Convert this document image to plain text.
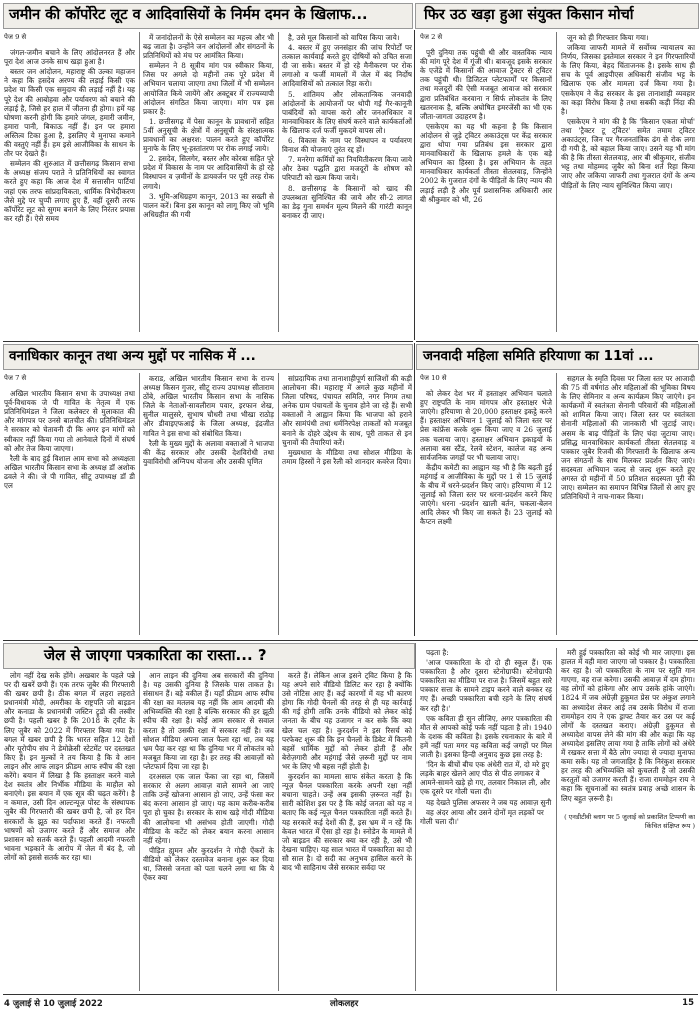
जमीन की कॉर्पोरेट लूट व आदिवासियों के निर्मम दमन के खिलाफ...	फिर उठ खड़ा हुआ संयुक्त किसान मोर्चा
पेज 9 से

जंगल-जमीन बचाने के लिए आंदोलनरत हैं और पूरा देश आज उनके साथ खड़ा हुआ है।

बस्तर जन आंदोलन, महाराष्ट्र की उल्का महाजन ने कहा कि हसदेव अरण्य की लड़ाई किसी एक प्रदेश या किसी एक समुदाय की लड़ाई नहीं है। यह पूरे देश की आबोहवा और पर्यावरण को बचाने की लड़ाई है, जिसे हर हाल में जीतना ही होगा। हमें यह घोषणा करनी होगी कि हमारे जंगल, हमारी जमीन, हमारा पानी, बिकाऊ नहीं हैं। इन पर हमारा अस्तित्व टिका हुआ है, इसलिए ये मुनाफा कमाने की वस्तुएं नहीं हैं। हम इसे आजीविका के साधन के तौर पर देखते हैं।

सम्मेलन की शुरुआत में छत्तीसगढ़ किसान सभा के अध्यक्ष संजय पराते ने प्रतिनिधियों का स्वागत करते हुए कहा कि आज देश में सत्तासीन पार्टियां जहां एक तरफ सांप्रदायिकता, धार्मिक विभेदीकरण जैसे मुद्दे पर चुप्पी लगाए हुए हैं, वहीं दूसरी तरफ कॉर्पोरेट लूट को सुगम बनाने के लिए निरंतर प्रयास कर रही हैं। ऐसे समय

में जनांदोलनों के ऐसे सम्मेलन का महत्त्व और भी बढ़ जाता है। उन्होंने जन आंदोलनों और संगठनों के प्रतिनिधियों को मंच पर आमंत्रित किया।

सम्मेलन ने 8 सूत्रीय मांग पत्र स्वीकार किया, जिस पर अगले दो महीनों तक पूरे प्रदेश में अभियान चलाया जाएगा तथा जिलों में भी सम्मेलन आयोजित किये जायेंगे और अक्टूबर में राज्यव्यापी आंदोलन संगठित किया जाएगा। मांग पत्र इस प्रकार है:

1. छत्तीसगढ़ में पेसा कानून के प्रावधानों सहित 5वीं अनुसूची के क्षेत्रों में अनुसूची के संरक्षात्मक प्रावधानों का अक्षरश: पालन करते हुए कॉर्पोरेट मुनाफे के लिए भू-हस्तांतरण पर रोक लगाई जाये।

2. हसदेव, सिलगेर, बस्तर और कोरबा सहित पूरे प्रदेश में विकास के नाम पर आदिवासियों के हो रहे विस्थापन व ज़मीनों के डायवर्जन पर पूरी तरह रोक लगाये।

3. भूमि-अधिग्रहण कानून, 2013 का सख्ती से पालन करें। बिना इस कानून को लागू किए जो भूमि अधिग्रहीत की गयी

है, उसे मूल किसानों को वापिस किया जाये।

4. बस्तर में हुए जनसंहार की जांच रिपोर्टों पर तत्काल कार्यवाई करते हुए दोषियों को उचित सजा दी जा सके। बस्तर में हो रहे मैनीकरण पर रोक लगाओ व फर्जी मामलों में जेल में बंद निर्दोष आदिवासियों को तत्काल रिहा करो।

5. शांतिमय और लोकतान्त्रिक जनवादी आंदोलनों के आयोजनों पर थोपी गई गैर-कानूनी पाबंदियों को वापस करो और जनअधिकार व मानवाधिकार के लिए संघर्ष करने वाले कार्यकर्ताओं के खिलाफ दर्ज फर्जी मुकदमे वापस लो।

6. विकास के नाम पर विस्थापन व पर्यावरण विनाश की योजनाएं तुरंत रद्द हों।

7. मनरेगा कर्मियों का नियमितीकरण किया जाये और ठेका पद्धति द्वारा मजदूरों के शोषण को परिपाटी को खत्म किया जाये।

8. छत्तीसगढ़ के किसानों को खाद की उपलब्धता सुनिश्चित की जाये और सी-2 लागत का डेढ़ गुना समर्थन मूल्य मिलने की गारंटी कानून बनाकर दी जाए।

पेज 2 से

पूरी दुनिया तक पहुंची थी और वास्तविक न्याय की मांग पूरे देश में गूंजी थी। बावजूद इसके सरकार के एजेंडे में किसानों की आवाज ट्रैक्टर से ट्विटर तक पहुंची थी। डिजिटल प्लेटफार्मों पर किसानों तथा मजदूरों की ऐसी मजबूत आवाज को सरकार द्वारा प्रतिबंधित करवाना न सिर्फ लोकतंत्र के लिए खतरनाक है, बल्कि अघोषित इमरजेंसी का भी एक जीता-जागता उदाहरण है।

एसकेएम का यह भी कहना है कि किसान आंदोलन से जुड़े ट्विटर अकाउंट्स पर केंद्र सरकार द्वारा थोपा गया प्रतिबंध इस सरकार द्वारा मानवाधिकारों के खिलाफ हमले के एक बड़े अभियान का हिस्सा है। इस अभियान के तहत मानवाधिकार कार्यकर्ता तीस्ता सेतलवाड़, जिन्होंने 2002 के गुजरात दंगों के पीड़ितों के लिए न्याय की लड़ाई लड़ी है और पूर्व प्रशासनिक अधिकारी आर बी श्रीकुमार को भी, 26

जून को ही गिरफ्तार किया गया।

जकिया जाफरी मामले में सर्वोच्च न्यायालय का निर्णय, जिसका इस्तेमाल सरकार ने इन गिरफ्तारियों के लिए किया, बेहद चिंताजनक है। इसके साथ ही सच के पूर्व आइपीएस अधिकारी संजीव भट्ट के खिलाफ एक और मामला दर्ज किया गया है। एसकेएम ने केंद्र सरकार के इस तानाशाही व्यवहार का कड़ा विरोध किया है तथा सबकी कड़ी निंदा की है।

एसकेएम ने मांग की है कि 'किसान एकता मोर्चा' तथा 'ट्रैक्टर टू ट्विटर' समेत तमाम ट्विटर अकाउंट्स, जिन पर गैरजनतांत्रिक ढंग से रोक लगा दी गयी है, को बहाल किया जाए। उसने यह भी मांग की है कि तीस्ता सेतलवाड़, आर बी श्रीकुमार, संजीव भट्ट तथा मोहम्मद जुबैर को बिना शर्त रिहा किया जाए और जकिया जाफरी तथा गुजरात दंगों के अन्य पीड़ितों के लिए न्याय सुनिश्चित किया जाए।

जनवादी महिला समिति हरियाणा का 11वां ...
पेज 10 से

को लेकर देश भर में हस्ताक्षर अभियान चलाते हुए राष्ट्रपति के नाम मांगपत्र और हस्ताक्षर भेजे जाएंगे। हरियाणा से 20,000 हस्ताक्षर इकट्ठे करने हैं। हस्ताक्षर अभियान 1 जुलाई को जिला स्तर पर प्रेस कांफ्रेंस करके शुरू किया जाए व 26 जुलाई तक चलाया जाए। हस्ताक्षर अभियान इकाइयों के अलावा बस स्टैंड, रेलवे स्टेशन, कालेज वह अन्य सार्वजनिक जगहों पर भी चलाया जाए।

केंद्रीय कमेटी का आह्वान यह भी है कि बढ़ती हुई महंगाई व आजीविका के मुद्दों पर 1 से 15 जुलाई के बीच में धरने-प्रदर्शन किए जाएं। हरियाणा में 12 जुलाई को जिला स्तर पर धरना-प्रदर्शन करने किए जाएंगे। धरना -प्रदर्शन खाली बर्तन, चकला-बेलन आदि लेकर भी किए जा सकते हैं। 23 जुलाई को कैप्टन लक्ष्मी

सहगल के स्मृति दिवस पर जिला स्तर पर आजादी की 75 वीं वर्षगांठ और महिलाओं की भूमिका विषय के लिए सेमिनार व अन्य कार्यक्रम किए जाएंगे। इन कार्यक्रमों में स्वतंत्रता सेनानी परिवारों की महिलाओं को शामिल किया जाए। जिला स्तर पर स्वतंत्रता सेनानी महिलाओं की जानकारी भी जुटाई जाए। असम के बाढ़ पीड़ितों के लिए चंदा जुटाया जाए। प्रसिद्ध मानवाधिकार कार्यकर्ता तीस्ता सेतलवाड़ व पत्रकार जुबैर रिजवी की गिरफ्तारी के खिलाफ अन्य जन संगठनों के साथ मिलकर प्रदर्शन किए जाएं। सदस्यता अभियान जल्द से जल्द शुरू करते हुए अगस्त दो महीनों में 50 प्रतिशत सदस्यता पूरी की जाए। सम्मेलन का समापन विभिन्न जिलों से आए हुए प्रतिनिधियों ने नाच-गाकर किया।

वनाधिकार कानून तथा अन्य मुद्दों पर नासिक में ...
पेज 7 से

अखिल भारतीय किसान सभा के उपाध्यक्ष तथा पूर्व-विधायक जे पी गावित के नेतृत्व में एक प्रतिनिधिमंडल ने जिला कलेक्टर से मुलाकात की और मांगपत्र पर उनसे बातचीत की। प्रतिनिधिमंडल ने सरकार को चेतावनी दी कि अगर इन मांगों को स्वीकार नहीं किया गया तो आनेवाले दिनों में संघर्ष को और तेज किया जाएगा।

रैली के बाद हुई विशाल आम सभा को अध्यक्षता अखिल भारतीय किसान सभा के अध्यक्ष डॉ अशोक ढवले ने की। जे पी गावित, सीटू उपाध्यक्ष डॉ डी एल

कराड, अखिल भारतीय किसान सभा के राज्य अध्यक्ष किसन गुजर, सीटू राज्य उपाध्यक्ष सीताराम ठोंबे, अखिल भारतीय किसान सभा के नासिक जिले के नेताओं-सावलीराम पवार, इरफान शेख, सुनील मालुसरे, सुभाष चौधरी तथा भीखा राठोड़ और डीवाइएफआई के जिला अध्यक्ष, इंद्रजीत गावित ने इस सभा को संबोधित किया।

रैली के मुख्य मुद्दों के अलावा वक्ताओं ने भाजपा की केंद्र सरकार और उसकी देशविरोधी तथा युवाविरोधी अग्निपथ योजना और उसकी घृणित

सांप्रदायिक तथा तानाशाहीपूर्ण साजिशों की कड़ी आलोचना की। महाराष्ट्र में अगले कुछ महीनों में जिला परिषद, पंचायत समिति, नगर निगम तथा अनेक ग्राम पंचायतों के चुनाव होने जा रहे हैं। सभी वक्ताओं ने आह्वान किया कि भाजपा को हराने और सामंपंथी तथा धर्मनिरपेक्ष ताकतों को मजबूत बनाने के दोहरे उद्देश्य के साथ, पूरी ताकत से इन चुनावों की तैयारियां करें।

मुख्यधारा के मीडिया तथा सोशल मीडिया के तमाम हिस्सों ने इस रैली को शानदार कवरेज दिया।

जेल से जाएगा पत्रकारिता का रास्ता... ?

लोग नहीं देख सके होंगे। अखबार के पहले पन्ने पर दी खबरें छपी हैं। एक तरफ जुबैर की गिरफ्तारी की खबर छपी है। ठीक बगल में लहरा लहराते प्रधानमंत्री मोदी, अमरीका के राष्ट्रपति जो बाइडन और कनाडा के प्रधानमंत्री जस्टिन ट्रूडो की तस्वीर छपी है। पहली खबर है कि 2018 के ट्वीट के लिए जुबैर को 2022 में गिरफ्तार किया गया है। बगल में खबर छपी है कि भारत सहित 12 देशों और यूरोपीय संघ ने डेमोक्रेसी स्टेटमेंट पर दस्तखत किए हैं। इन मुल्कों ने तय किया है कि वे आन लाइन और आफ लाइन फ्रीडम आफ स्पीच की रक्षा करेंगे। बयान में लिखा है कि हस्ताक्षर करने वाले देश स्वतंत्र और निर्भीक मीडिया के माहौल को बनाएंगे। इस बयान में एक सूत्र की चढ़त करेंगे। है न कमाल, उसी दिन आल्टन्यूज़ पोस्ट के संस्थापक जुबैर की गिरफ्तारी की खबर छपी है, जो हर दिन सरकारों के झूठ का पर्दाफाश करते हैं। नफरती भाषणों को उजागर करते हैं और समाज और प्रशासन को सतर्क करते हैं। पहली आदमी नफरती भावना भड़काने के आरोप में जेल में बंद है, जो लोगों को इससे सतर्क कर रहा था।

आन लाइन की दुनिया अब सरकारों की दुनिया है। यह उसकी दुनिया है जिसके पास ताकत है। संसाधन हैं। बड़े वकील हैं। यहाँ फ्रीडम आफ स्पीच की रक्षा का मतलब यह नहीं कि आम आदमी की अभिव्यक्ति की रक्षा है बल्कि सरकार की हर झूठी स्पीच की रक्षा है। कोई आम सरकार से सवाल करता है तो उसकी रक्षा में सरकार नहीं है। जब सोशल मीडिया अपना जाल फैला रहा था, तब यह भ्रम पैदा कर रहा था कि दुनिया भर में लोकतंत्र को मजबूत किया जा रहा है। हर तरह की आवाज़ों को प्लेटफार्म दिया जा रहा है।

दरअसल एक जाल फेंका जा रहा था, जिसमें सरकार से अलग आवाज़ वाले सामने आ जाएं ताकि उन्हें खोजना आसान हो जाए, उन्हें फंसा कर बंद करना आसान हो जाए। यह काम करीब-करीब पूरा हो चुका है। सरकार के साथ खड़े गोदी मीडिया की आलोचना भी असंभव होती जाएगी। गोदी मीडिया के कटेंट को लेकर बयान करना आसान नहीं रहेगा।

पीड़ित ह्यूमन और कुरदर्शन ने गोदी ऐंकरों के वीडियो को लेकर दस्तावेज बनाना शुरू कर दिया था, जिससे जनता को पता चलने लगा था कि ये ऐंकर क्या

करते हैं। लेकिन आज इसने ट्विट किया है कि यह अपने सारे वीडियो डिलिट कर रहा है क्योंकि उसे नोटिस आए हैं। कई कारणों में यह भी कारण होगा कि गोदी चैनलों की तरह से ही यह कार्रवाई की गई होगी ताकि उनके वीडियो को लेकर कोई जनता के बीच यह उजागर न कर सके कि क्या खेल चल रहा है। कुरदर्शन ने इस रिसर्च को परफेक्ट शुरू की कि इन चैनलों के डिबेट में कितनी बहसें धार्मिक मुद्दों को लेकर होती हैं और बेरोज़गारी और महंगाई जैसे ज़रूरी मुद्दों पर नाम भर के लिए भी बहस नहीं होती है।

कुरदर्शन का मामला साफ संकेत करता है कि न्यूज़ चैनल पत्रकारिता करके अपनी रक्षा नहीं बचाना चाहते। उन्हें अब इसकी ज़रूरत नहीं है। सारी कोशिश इस पर है कि कोई जनता को यह न बताए कि कई न्यूज़ चैनल पत्रकारिता नहीं करते हैं। यह सरकारें कई देशों की हैं, इस भ्रम में न रहें कि केवल भारत में ऐसा हो रहा है। स्नोडेन के मामले में जो बाइडन की सरकार क्या कर रही है, उसे भी देखना चाहिए। यह साल भारत में पत्रकारिता का दो सौ साल है। दो सदी का अनुभव हासिल करने के बाद भी साहिनाथ जैसे सरकार सर्वदा पर

पढ़ता है:

'आज पत्रकारिता के दो दो ही स्कूल हैं। एक पत्रकारिता है और दूसरा स्टेनोग्राफी। स्टेनोग्राफी पत्रकारिता का मीडिया पर राज है। जिसमें बहुत सारे पत्रकार सत्ता के सामने टाइप करने वाले बनकर रह गए हैं। अच्छी पत्रकारिता बची रहने के लिए संघर्ष कर रही है।'

एक कविता ही सुन लीजिए, अगर पत्रकारिता की मौत से आपको कोई फर्क नहीं पड़ता है तो। 1940 के दशक की कविता है। इसके रचनाकार के बारे में हमें नहीं पता मगर यह कविता कई जगहों पर मिल जाती है। इसका हिन्दी अनुवाद कुछ इस तरह है:

'दिन के बीचों बीच एक अंधेरी रात में, दो मरे हुए लड़के बाहर खेलने आए पीठ से पीठ लगाकर वे आमने-सामने खड़े हो गए, तलवार निकाल ली, और एक दूसरे पर गोली चला दी।

यह देखते पुलिस अफसर ने जब यह आवाज़ सुनी

वह अंदर आया और उसने दोनों मृत लड़कों पर गोली चला दी।'

मरी हुई पत्रकारिता को कोई भी मार जाएगा। इस हालत में वही मारा जाएगा जो पत्रकार है। पत्रकारिता कर रहा है। जो पत्रकारिता के नाम पर स्तुति गान गाएगा, वह राज करेगा। उसकी आवाज़ में दम होगा। वह लोगों को हांकेगा और आप उसके हांके जाएंगे। 1824 में जब अंग्रेज़ी हुकूमत प्रेस पर अंकुश लगाने का अध्यादेश लेकर आई तब उसके विरोध में राजा राममोहन राय ने एक ड्राफ्ट तैयार कर उस पर कई लोगों के दस्तखत कराए। अंग्रेज़ी हुकूमत से अध्यादेश वापस लेने की मांग की और कहा कि यह अध्यादेश इसलिए लाया गया है ताकि लोगों को अंधेरे में रखकर सत्ता में बैठे लोग ज्यादा से ज्यादा मुनाफा कमा सकें। यह तो जगजाहिर है कि निरंकुश सरकार हर तरह की अभिव्यक्ति को कुचलती है जो उसकी करतूतों को उजागर करती हैं। राजा राममोहन राय ने कहा कि सूचनाओं का स्वतंत्र प्रवाह अच्छे शासन के लिए बहुत ज़रूरी है।

( एनडीटीवी ब्लाग पर 5 जुलाई को प्रकाशित टिप्पणी का किंचित संक्षिप्त रूप )
4 जुलाई से 10 जुलाई 2022	लोकलहर	15
